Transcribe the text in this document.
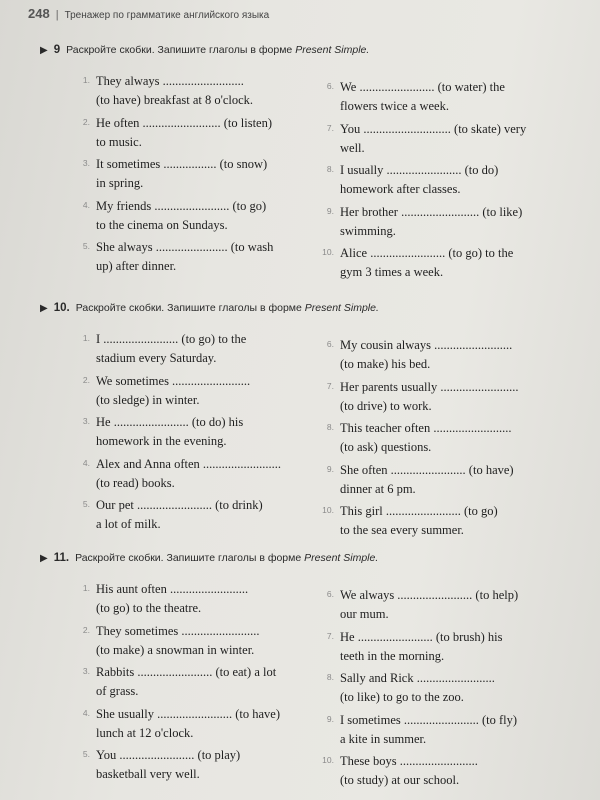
248 | Тренажер по грамматике английского языка
▶ 9 Раскройте скобки. Запишите глаголы в форме Present Simple.
1. They always ..........................
(to have) breakfast at 8 o'clock.
2. He often ......................... (to listen)
to music.
3. It sometimes ................. (to snow)
in spring.
4. My friends ........................ (to go)
to the cinema on Sundays.
5. She always ....................... (to wash
up) after dinner.
6. We ........................ (to water) the
flowers twice a week.
7. You ............................ (to skate) very
well.
8. I usually ........................ (to do)
homework after classes.
9. Her brother ......................... (to like)
swimming.
10. Alice ........................ (to go) to the
gym 3 times a week.
▶ 10. Раскройте скобки. Запишите глаголы в форме Present Simple.
1. I ........................ (to go) to the
stadium every Saturday.
2. We sometimes .........................
(to sledge) in winter.
3. He ........................ (to do) his
homework in the evening.
4. Alex and Anna often .........................
(to read) books.
5. Our pet ........................ (to drink)
a lot of milk.
6. My cousin always .........................
(to make) his bed.
7. Her parents usually .........................
(to drive) to work.
8. This teacher often .........................
(to ask) questions.
9. She often ........................ (to have)
dinner at 6 pm.
10. This girl ........................ (to go)
to the sea every summer.
▶ 11. Раскройте скобки. Запишите глаголы в форме Present Simple.
1. His aunt often .........................
(to go) to the theatre.
2. They sometimes .........................
(to make) a snowman in winter.
3. Rabbits ........................ (to eat) a lot
of grass.
4. She usually ........................ (to have)
lunch at 12 o'clock.
5. You ........................ (to play)
basketball very well.
6. We always ........................ (to help)
our mum.
7. He ........................ (to brush) his
teeth in the morning.
8. Sally and Rick .........................
(to like) to go to the zoo.
9. I sometimes ........................ (to fly)
a kite in summer.
10. These boys .........................
(to study) at our school.
